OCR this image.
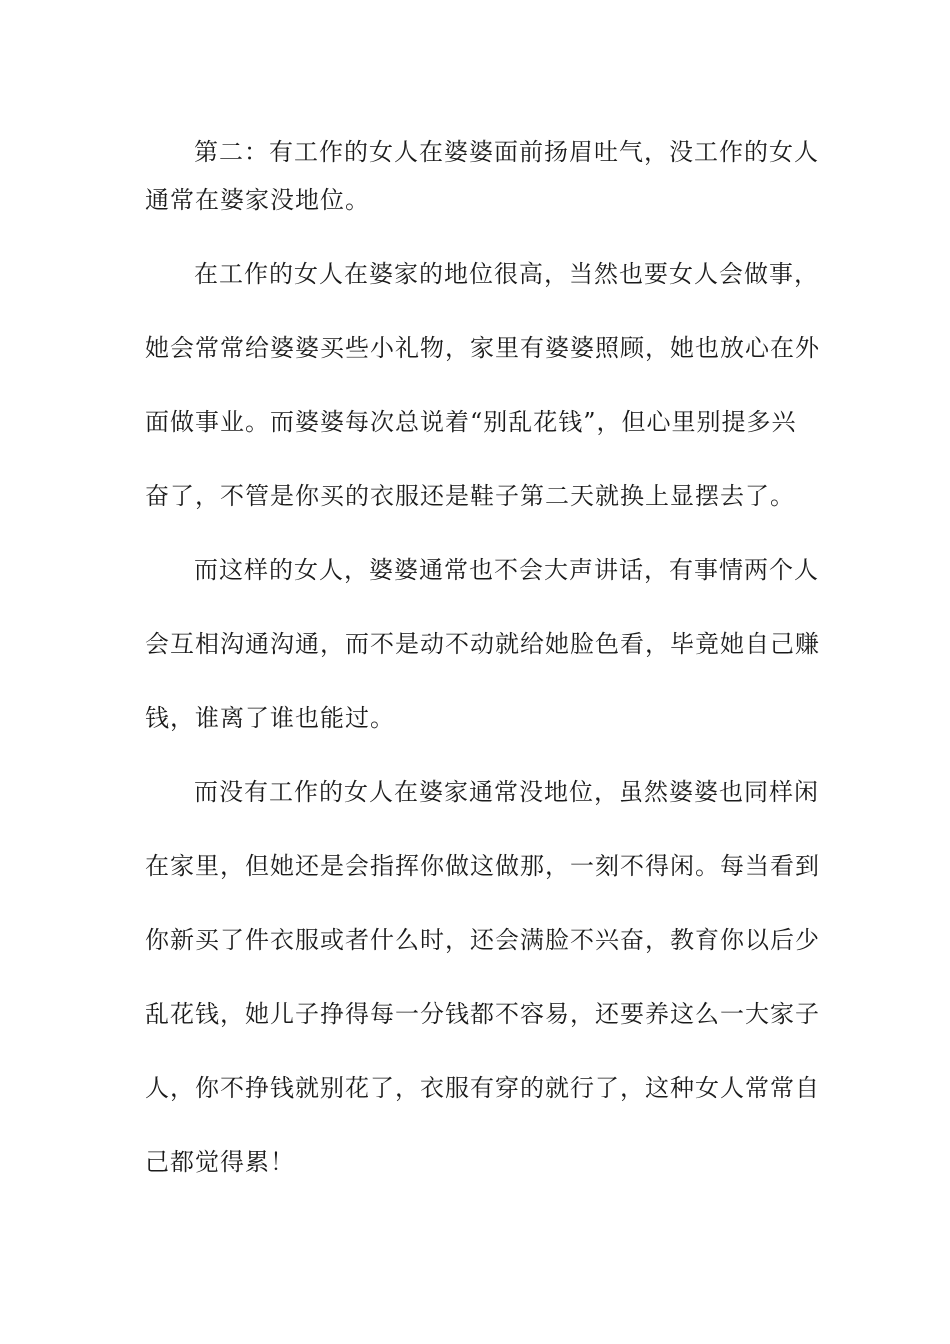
第二：有工作的女人在婆婆面前扬眉吐气，没工作的女人
通常在婆家没地位。
在工作的女人在婆家的地位很高，当然也要女人会做事，
她会常常给婆婆买些小礼物，家里有婆婆照顾，她也放心在外
面做事业。而婆婆每次总说着“别乱花钱”，但心里别提多兴
奋了，不管是你买的衣服还是鞋子第二天就换上显摆去了。
而这样的女人，婆婆通常也不会大声讲话，有事情两个人
会互相沟通沟通，而不是动不动就给她脸色看，毕竟她自己赚
钱，谁离了谁也能过。
而没有工作的女人在婆家通常没地位，虽然婆婆也同样闲
在家里，但她还是会指挥你做这做那，一刻不得闲。每当看到
你新买了件衣服或者什么时，还会满脸不兴奋，教育你以后少
乱花钱，她儿子挣得每一分钱都不容易，还要养这么一大家子
人，你不挣钱就别花了，衣服有穿的就行了，这种女人常常自
己都觉得累！
